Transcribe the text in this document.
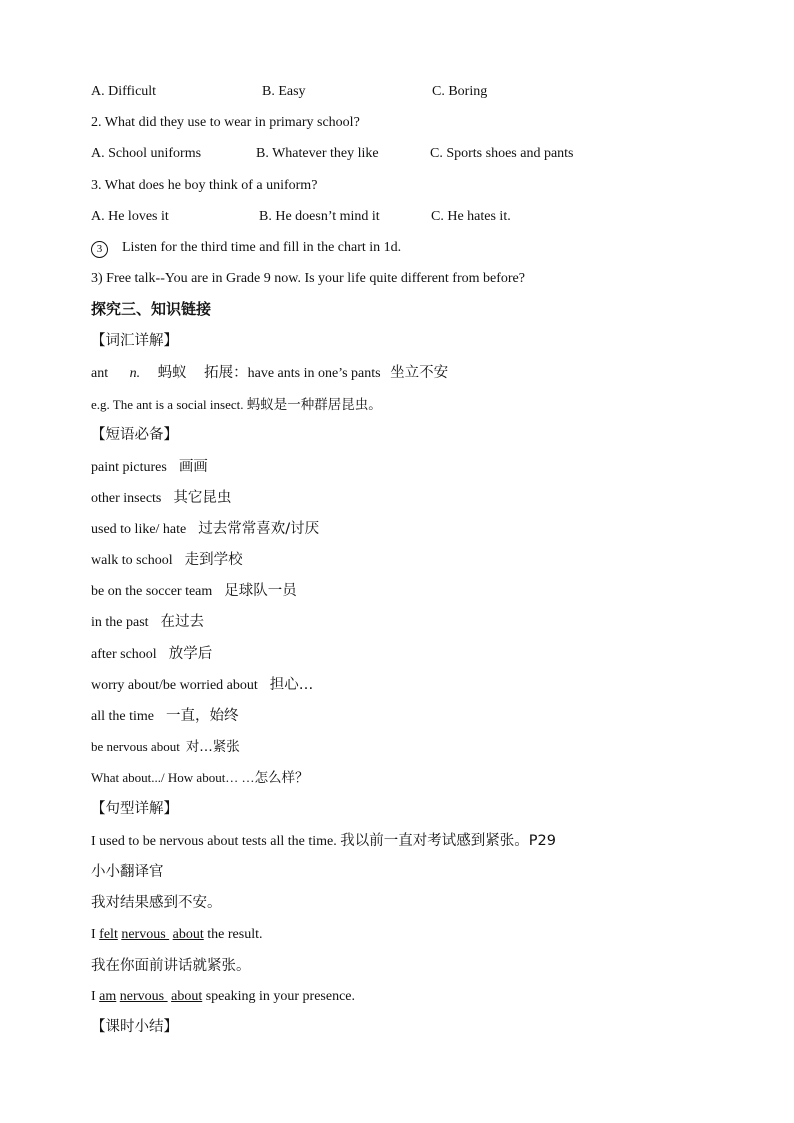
A. Difficult	B. Easy	C. Boring
2. What did they use to wear in primary school?
A. School uniforms	B. Whatever they like	C. Sports shoes and pants
3. What does he boy think of a uniform?
A. He loves it	B. He doesn’t mind it	C. He hates it.
3 Listen for the third time and fill in the chart in 1d.
3) Free talk--You are in Grade 9 now. Is your life quite different from before?
探究三、知识链接
【词汇详解】
ant n. 蚂蚁 拓展：have ants in one’s pants 坐立不安
e.g. The ant is a social insect. 蚂蚁是一种群居昆虫。
【短语必备】
paint pictures 画画
other insects 其它昆虫
used to like/ hate 过去常常喜欢/讨厌
walk to school 走到学校
be on the soccer team 足球队一员
in the past 在过去
after school 放学后
worry about/be worried about 担心…
all the time 一直，始终
be nervous about 对…紧张
What about.../ How about… …怎么样？
【句型详解】
I used to be nervous about tests all the time. 我以前一直对考试感到紧张。P29
小小翻译官
我对结果感到不安。
I felt nervous  about the result.
我在你面前讲话就紧张。
I am nervous  about speaking in your presence.
【课时小结】
